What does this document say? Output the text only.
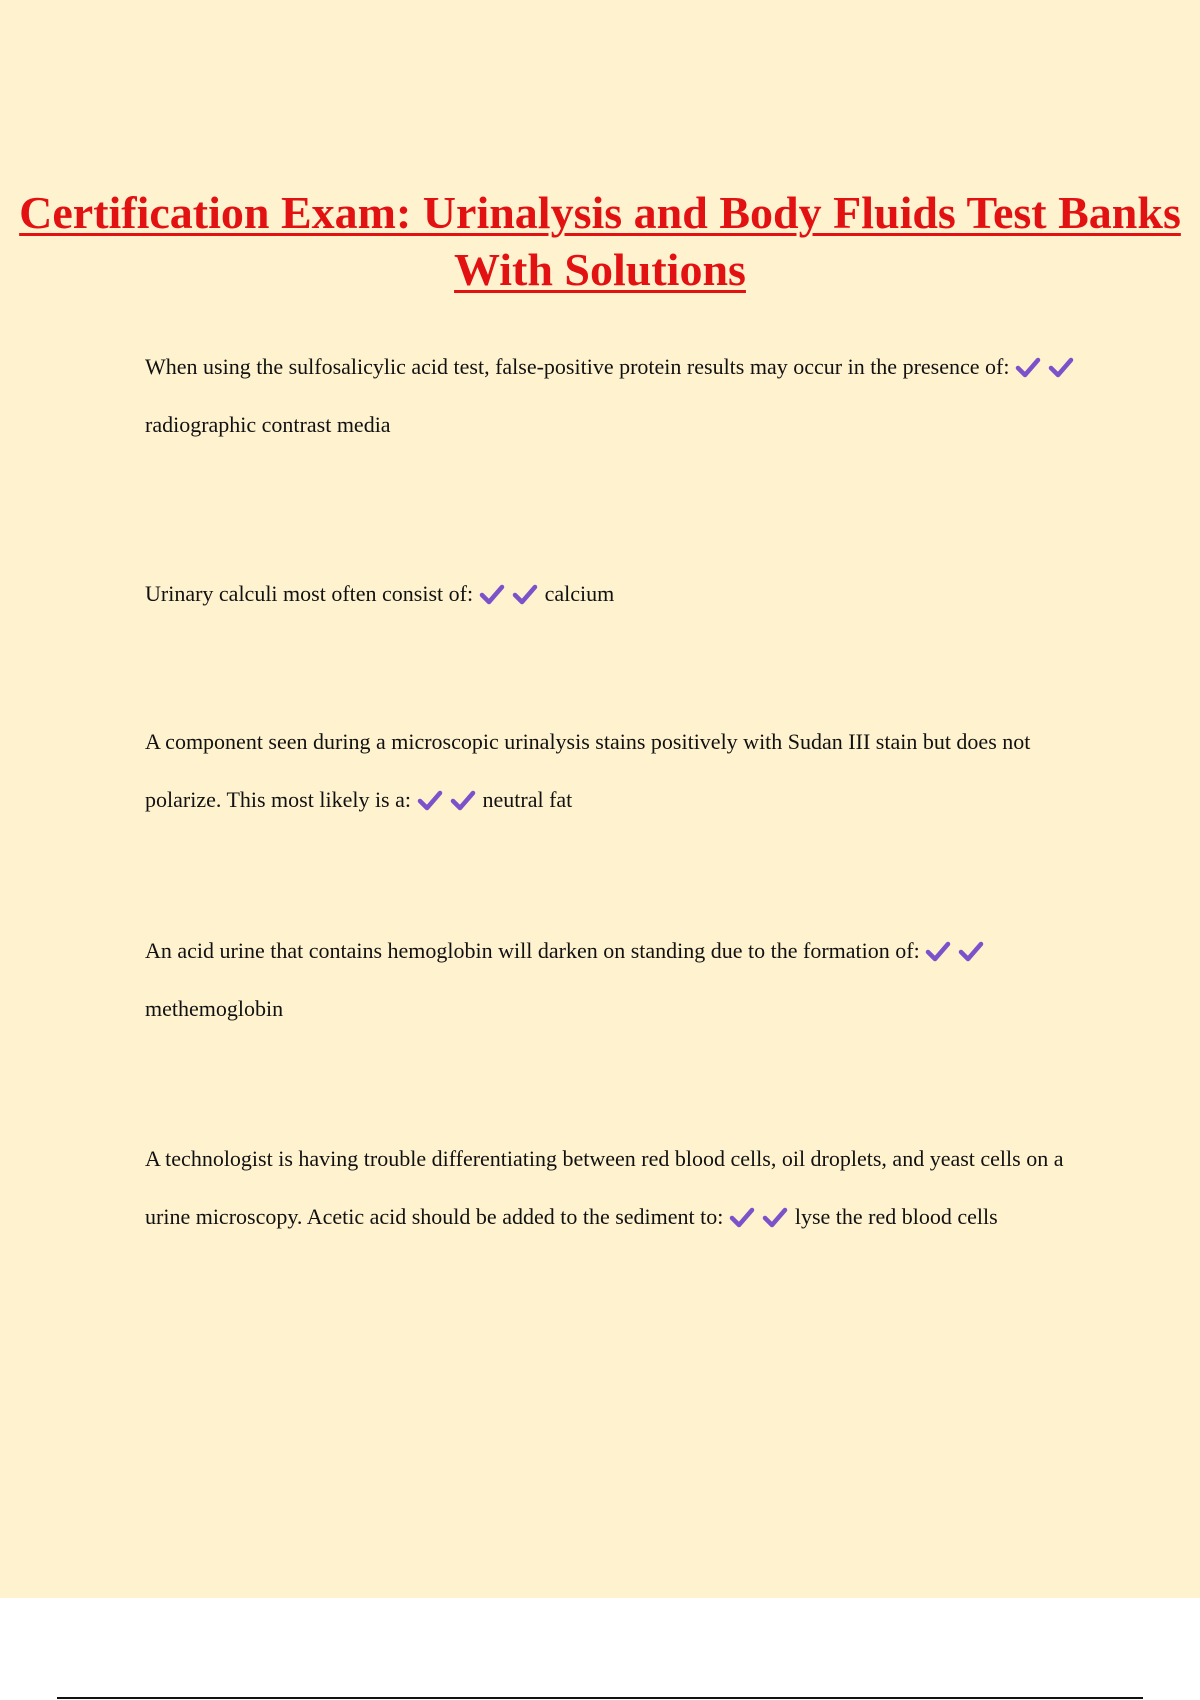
Certification Exam: Urinalysis and Body Fluids Test Banks With Solutions

When using the sulfosalicylic acid test, false-positive protein results may occur in the presence of:
radiographic contrast media

Urinary calculi most often consist of:	calcium

A component seen during a microscopic urinalysis stains positively with Sudan III stain but does not polarize. This most likely is a:	neutral fat

An acid urine that contains hemoglobin will darken on standing due to the formation of:
methemoglobin

A technologist is having trouble differentiating between red blood cells, oil droplets, and yeast cells on a urine microscopy. Acetic acid should be added to the sediment to:	lyse the red blood cells
